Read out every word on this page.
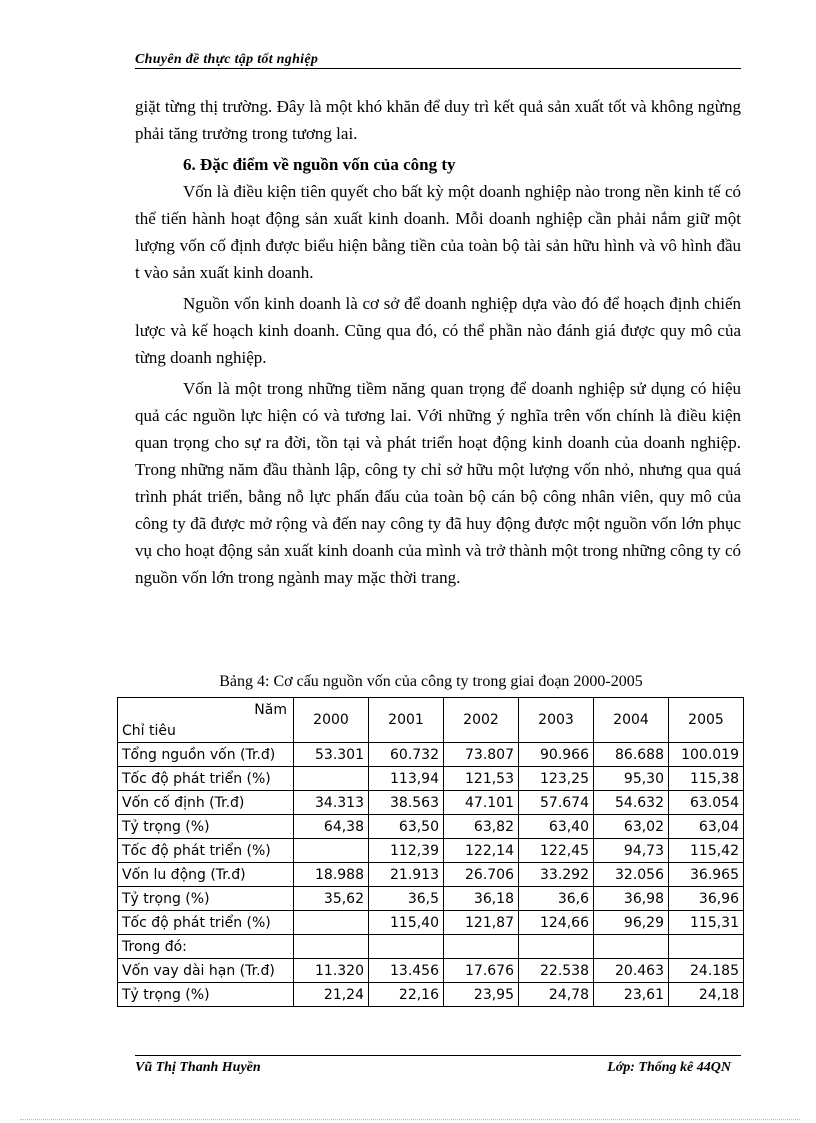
Chuyên đề thực tập tốt nghiệp

giặt từng thị trường. Đây là một khó khăn để duy trì kết quả sản xuất tốt và không ngừng phải tăng trưởng trong tương lai.

6. Đặc điểm về nguồn vốn của công ty

Vốn là điều kiện tiên quyết cho bất kỳ một doanh nghiệp nào trong nền kinh tế có thể tiến hành hoạt động sản xuất kinh doanh. Mỗi doanh nghiệp cần phải nắm giữ một lượng vốn cố định được biểu hiện bằng tiền của toàn bộ tài sản hữu hình và vô hình đầu t vào sản xuất kinh doanh.

Nguồn vốn kinh doanh là cơ sở để doanh nghiệp dựa vào đó để hoạch định chiến lược và kế hoạch kinh doanh. Cũng qua đó, có thể phần nào đánh giá được quy mô của từng doanh nghiệp.

Vốn là một trong những tiềm năng quan trọng để doanh nghiệp sử dụng có hiệu quả các nguồn lực hiện có và tương lai. Với những ý nghĩa trên vốn chính là điều kiện quan trọng cho sự ra đời, tồn tại và phát triển hoạt động kinh doanh của doanh nghiệp. Trong những năm đầu thành lập, công ty chỉ sở hữu một lượng vốn nhỏ, nhưng qua quá trình phát triển, bằng nỗ lực phấn đấu của toàn bộ cán bộ công nhân viên, quy mô của công ty đã được mở rộng và đến nay công ty đã huy động được một nguồn vốn lớn phục vụ cho hoạt động sản xuất kinh doanh của mình và trở thành một trong những công ty có nguồn vốn lớn trong ngành may mặc thời trang.

Bảng 4: Cơ cấu nguồn vốn của công ty trong giai đoạn 2000-2005
Năm
Chỉ tiêu	2000	2001	2002	2003	2004	2005
Tổng nguồn vốn (Tr.đ)	53.301	60.732	73.807	90.966	86.688	100.019
Tốc độ phát triển (%)		113,94	121,53	123,25	95,30	115,38
Vốn cố định (Tr.đ)	34.313	38.563	47.101	57.674	54.632	63.054
Tỷ trọng (%)	64,38	63,50	63,82	63,40	63,02	63,04
Tốc độ phát triển (%)		112,39	122,14	122,45	94,73	115,42
Vốn lu động (Tr.đ)	18.988	21.913	26.706	33.292	32.056	36.965
Tỷ trọng (%)	35,62	36,5	36,18	36,6	36,98	36,96
Tốc độ phát triển (%)		115,40	121,87	124,66	96,29	115,31
Trong đó:						
Vốn vay dài hạn (Tr.đ)	11.320	13.456	17.676	22.538	20.463	24.185
Tỷ trọng (%)	21,24	22,16	23,95	24,78	23,61	24,18
Vũ Thị Thanh Huyền	Lớp: Thống kê 44QN
